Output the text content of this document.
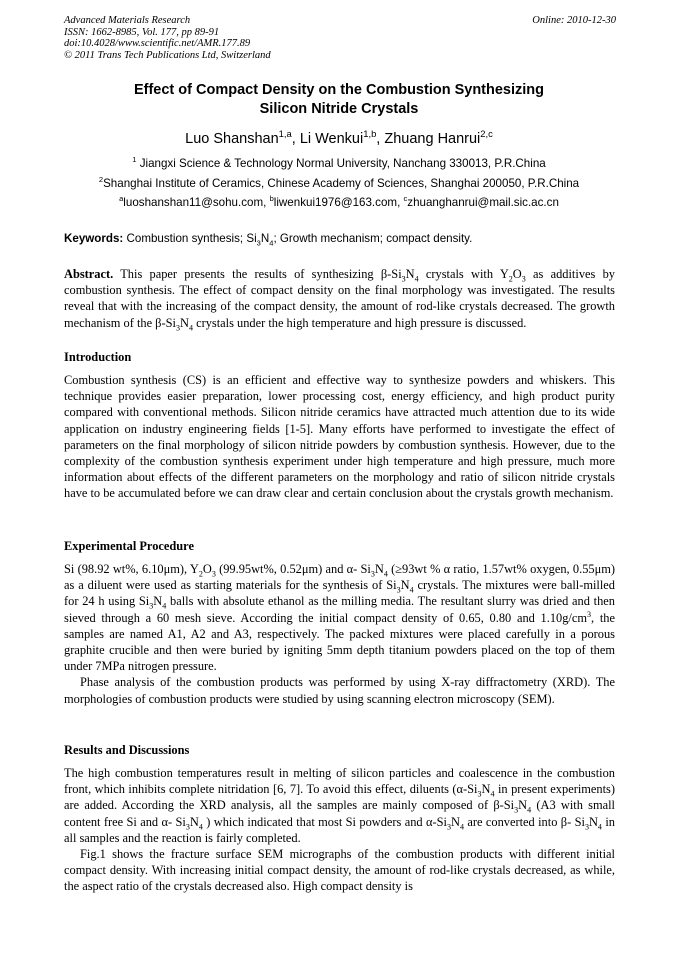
Advanced Materials Research
ISSN: 1662-8985, Vol. 177, pp 89-91
doi:10.4028/www.scientific.net/AMR.177.89
© 2011 Trans Tech Publications Ltd, Switzerland
Online: 2010-12-30
Effect of Compact Density on the Combustion Synthesizing
Silicon Nitride Crystals
Luo Shanshan$^{1,a}$, Li Wenkui$^{1,b}$, Zhuang Hanrui$^{2,c}$
$^1$ Jiangxi Science & Technology Normal University, Nanchang 330013, P.R.China
$^2$Shanghai Institute of Ceramics, Chinese Academy of Sciences, Shanghai 200050, P.R.China
$^a$luoshanshan11@sohu.com, $^b$liwenkui1976@163.com, $^c$zhuanghanrui@mail.sic.ac.cn
Keywords: Combustion synthesis; $Si_3N_4$; Growth mechanism; compact density.
Abstract. This paper presents the results of synthesizing $\beta-Si_3N_4$ crystals with $Y_2O_3$ as additives by combustion synthesis. The effect of compact density on the final morphology was investigated. The results reveal that with the increasing of the compact density, the amount of rod-like crystals decreased. The growth mechanism of the $\beta-Si_3N_4$ crystals under the high temperature and high pressure is discussed.
Introduction
Combustion synthesis (CS) is an efficient and effective way to synthesize powders and whiskers. This technique provides easier preparation, lower processing cost, energy efficiency, and high product purity compared with conventional methods. Silicon nitride ceramics have attracted much attention due to its wide application on industry engineering fields [1-5]. Many efforts have performed to investigate the effect of parameters on the final morphology of silicon nitride powders by combustion synthesis. However, due to the complexity of the combustion synthesis experiment under high temperature and high pressure, much more information about effects of the different parameters on the morphology and ratio of silicon nitride crystals have to be accumulated before we can draw clear and certain conclusion about the crystals growth mechanism.
Experimental Procedure
Si (98.92 wt%, 6.10μm), $Y_2O_3$ (99.95wt%, 0.52μm) and α- $Si_3N_4$ (≥93wt % α ratio, 1.57wt% oxygen, 0.55μm) as a diluent were used as starting materials for the synthesis of $Si_3N_4$ crystals. The mixtures were ball-milled for 24 h using $Si_3N_4$ balls with absolute ethanol as the milling media. The resultant slurry was dried and then sieved through a 60 mesh sieve. According the initial compact density of 0.65, 0.80 and $1.10g/cm^3$, the samples are named A1, A2 and A3, respectively. The packed mixtures were placed carefully in a porous graphite crucible and then were buried by igniting 5mm depth titanium powders placed on the top of them under 7MPa nitrogen pressure.
Phase analysis of the combustion products was performed by using X-ray diffractometry (XRD). The morphologies of combustion products were studied by using scanning electron microscopy (SEM).
Results and Discussions
The high combustion temperatures result in melting of silicon particles and coalescence in the combustion front, which inhibits complete nitridation [6, 7]. To avoid this effect, diluents ($\alpha-Si_3N_4$ in present experiments) are added. According the XRD analysis, all the samples are mainly composed of $\beta-Si_3N_4$ (A3 with small content free Si and α- $Si_3N_4$ ) which indicated that most Si powders and $\alpha-Si_3N_4$ are converted into β- $Si_3N_4$ in all samples and the reaction is fairly completed.
Fig.1 shows the fracture surface SEM micrographs of the combustion products with different initial compact density. With increasing initial compact density, the amount of rod-like crystals decreased, as while, the aspect ratio of the crystals decreased also. High compact density is
